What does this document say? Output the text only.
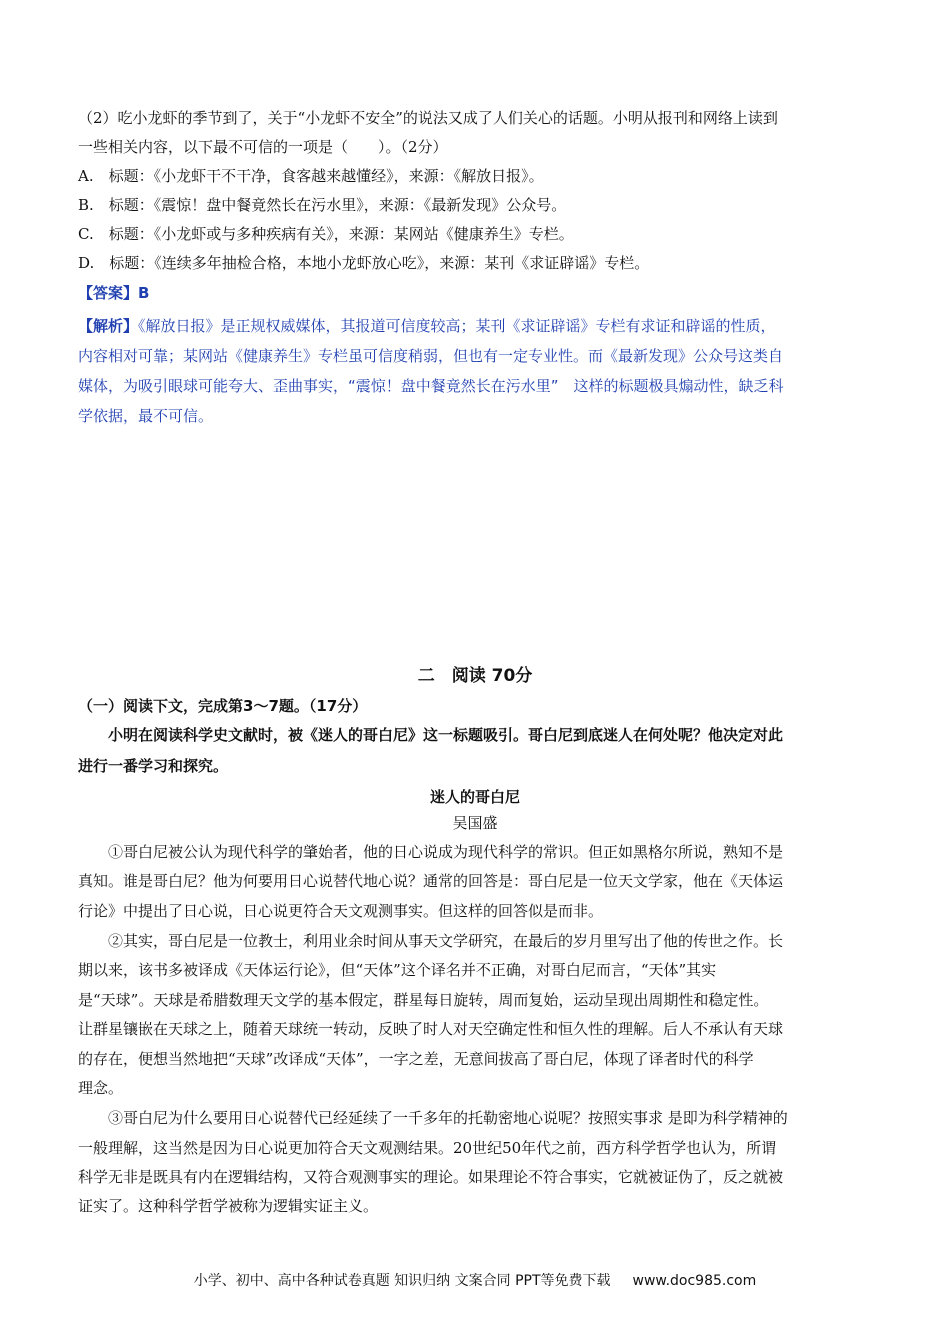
（2）吃小龙虾的季节到了，关于“小龙虾不安全”的说法又成了人们关心的话题。小明从报刊和网络上读到
一些相关内容，以下最不可信的一项是（　　）。（2分）
A.　标题：《小龙虾干不干净，食客越来越懂经》，来源：《解放日报》。
B.　标题：《震惊！盘中餐竟然长在污水里》，来源：《最新发现》公众号。
C.　标题：《小龙虾或与多种疾病有关》，来源：某网站《健康养生》专栏。
D.　标题：《连续多年抽检合格，本地小龙虾放心吃》，来源：某刊《求证辟谣》专栏。
【答案】B
【解析】《解放日报》是正规权威媒体，其报道可信度较高；某刊《求证辟谣》专栏有求证和辟谣的性质，
内容相对可靠；某网站《健康养生》专栏虽可信度稍弱，但也有一定专业性。而《最新发现》公众号这类自
媒体，为吸引眼球可能夸大、歪曲事实，“震惊！盘中餐竟然长在污水里”　这样的标题极具煽动性，缺乏科
学依据，最不可信。
二　阅读 70分
（一）阅读下文，完成第3～7题。（17分）
　　小明在阅读科学史文献时，被《迷人的哥白尼》这一标题吸引。哥白尼到底迷人在何处呢？他决定对此
进行一番学习和探究。
迷人的哥白尼
吴国盛
　　①哥白尼被公认为现代科学的肇始者，他的日心说成为现代科学的常识。但正如黑格尔所说，熟知不是
真知。谁是哥白尼？他为何要用日心说替代地心说？通常的回答是：哥白尼是一位天文学家，他在《天体运
行论》中提出了日心说，日心说更符合天文观测事实。但这样的回答似是而非。
　　②其实，哥白尼是一位教士，利用业余时间从事天文学研究，在最后的岁月里写出了他的传世之作。长
期以来，该书多被译成《天体运行论》，但“天体”这个译名并不正确，对哥白尼而言，“天体”其实
是“天球”。天球是希腊数理天文学的基本假定，群星每日旋转，周而复始，运动呈现出周期性和稳定性。
让群星镶嵌在天球之上，随着天球统一转动，反映了时人对天空确定性和恒久性的理解。后人不承认有天球
的存在，便想当然地把“天球”改译成“天体”，一字之差，无意间拔高了哥白尼，体现了译者时代的科学
理念。
　　③哥白尼为什么要用日心说替代已经延续了一千多年的托勒密地心说呢？按照实事求 是即为科学精神的
一般理解，这当然是因为日心说更加符合天文观测结果。20世纪50年代之前，西方科学哲学也认为，所谓
科学无非是既具有内在逻辑结构，又符合观测事实的理论。如果理论不符合事实，它就被证伪了，反之就被
证实了。这种科学哲学被称为逻辑实证主义。
小学、初中、高中各种试卷真题 知识归纳 文案合同 PPT等免费下载 www.doc985.com
